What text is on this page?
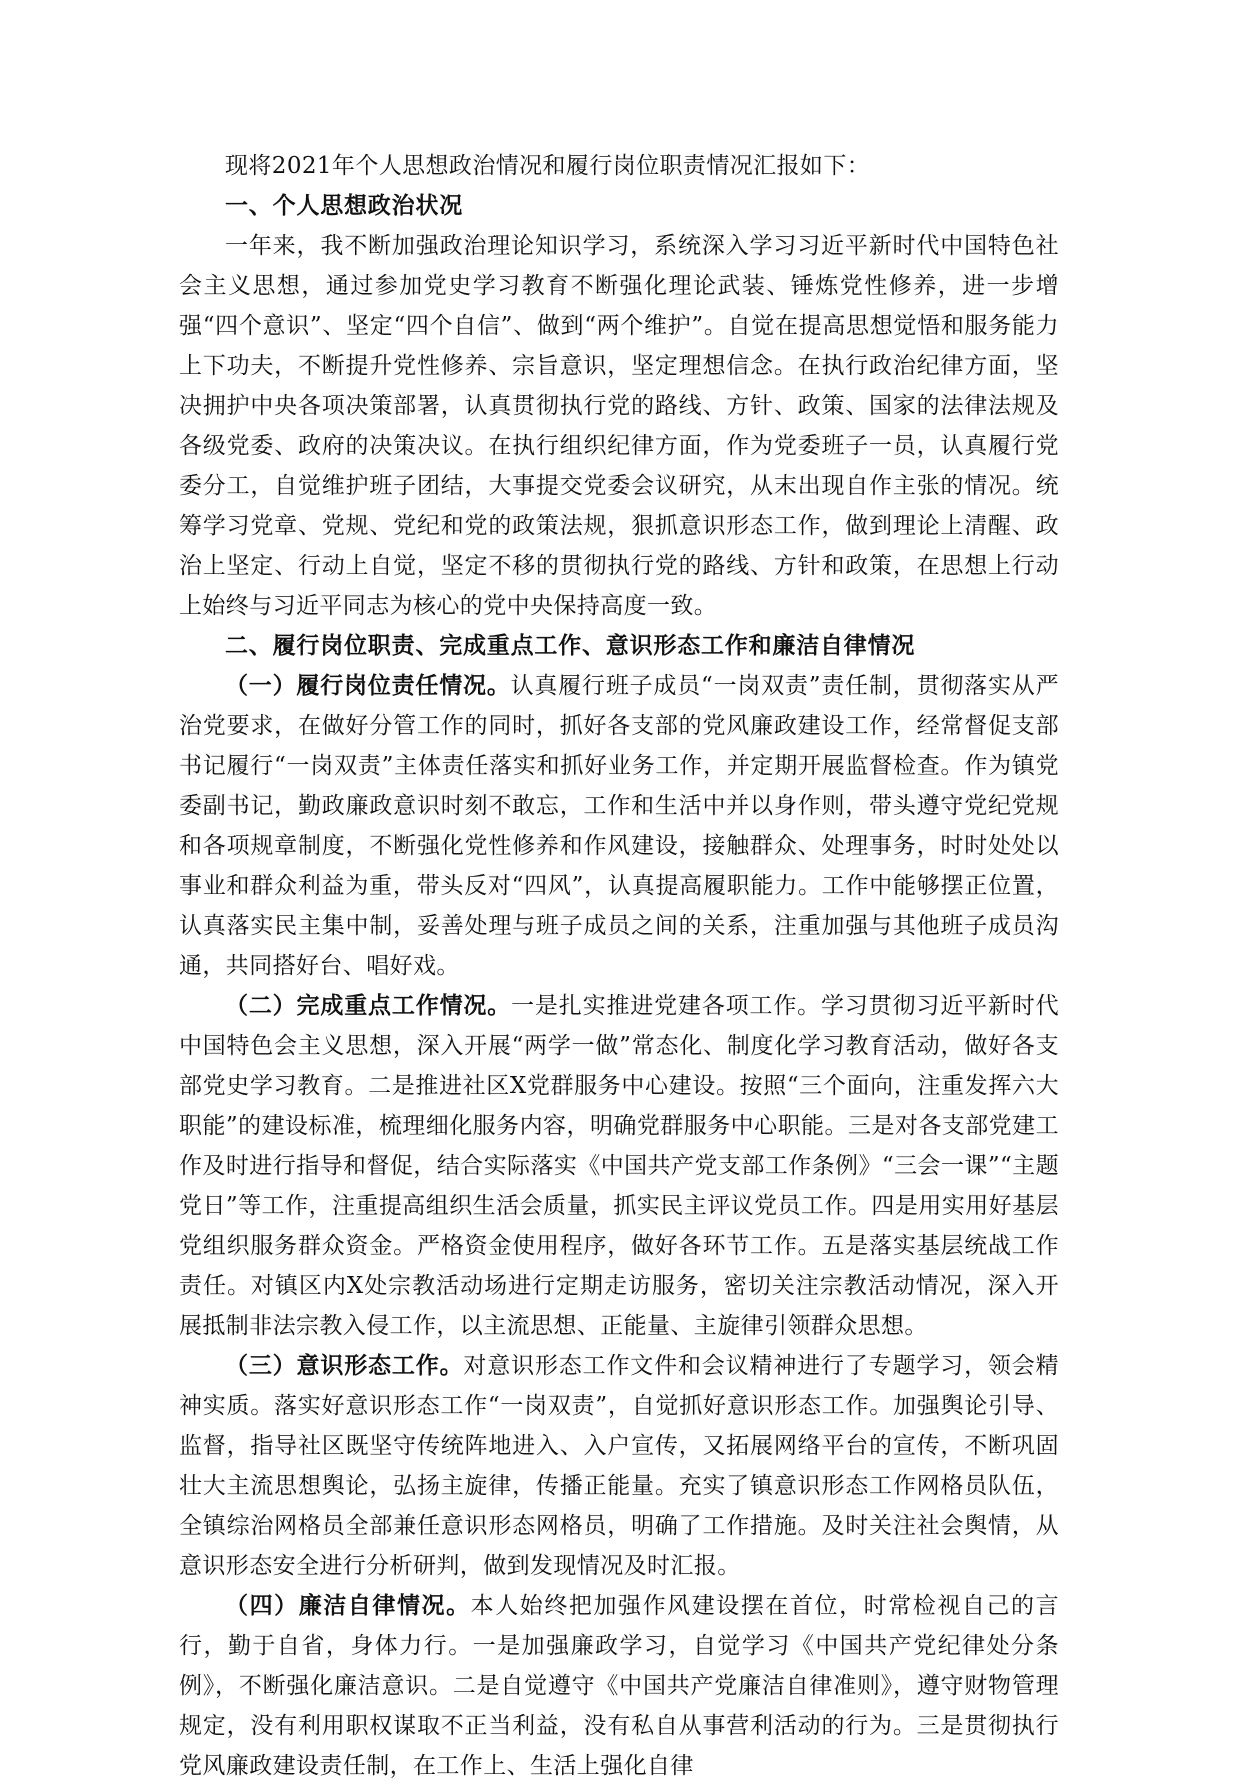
现将2021年个人思想政治情况和履行岗位职责情况汇报如下：

一、个人思想政治状况

一年来，我不断加强政治理论知识学习，系统深入学习习近平新时代中国特色社会主义思想，通过参加党史学习教育不断强化理论武装、锤炼党性修养，进一步增强“四个意识”、坚定“四个自信”、做到“两个维护”。自觉在提高思想觉悟和服务能力上下功夫，不断提升党性修养、宗旨意识，坚定理想信念。在执行政治纪律方面，坚决拥护中央各项决策部署，认真贯彻执行党的路线、方针、政策、国家的法律法规及各级党委、政府的决策决议。在执行组织纪律方面，作为党委班子一员，认真履行党委分工，自觉维护班子团结，大事提交党委会议研究，从末出现自作主张的情况。统筹学习党章、党规、党纪和党的政策法规，狠抓意识形态工作，做到理论上清醒、政治上坚定、行动上自觉，坚定不移的贯彻执行党的路线、方针和政策，在思想上行动上始终与习近平同志为核心的党中央保持高度一致。

二、履行岗位职责、完成重点工作、意识形态工作和廉洁自律情况

（一）履行岗位责任情况。认真履行班子成员“一岗双责”责任制，贯彻落实从严治党要求，在做好分管工作的同时，抓好各支部的党风廉政建设工作，经常督促支部书记履行“一岗双责”主体责任落实和抓好业务工作，并定期开展监督检查。作为镇党委副书记，勤政廉政意识时刻不敢忘，工作和生活中并以身作则，带头遵守党纪党规和各项规章制度，不断强化党性修养和作风建设，接触群众、处理事务，时时处处以事业和群众利益为重，带头反对“四风”，认真提高履职能力。工作中能够摆正位置，认真落实民主集中制，妥善处理与班子成员之间的关系，注重加强与其他班子成员沟通，共同搭好台、唱好戏。

（二）完成重点工作情况。一是扎实推进党建各项工作。学习贯彻习近平新时代中国特色会主义思想，深入开展“两学一做”常态化、制度化学习教育活动，做好各支部党史学习教育。二是推进社区X党群服务中心建设。按照“三个面向，注重发挥六大职能”的建设标准，梳理细化服务内容，明确党群服务中心职能。三是对各支部党建工作及时进行指导和督促，结合实际落实《中国共产党支部工作条例》“三会一课”“主题党日”等工作，注重提高组织生活会质量，抓实民主评议党员工作。四是用实用好基层党组织服务群众资金。严格资金使用程序，做好各环节工作。五是落实基层统战工作责任。对镇区内X处宗教活动场进行定期走访服务，密切关注宗教活动情况，深入开展抵制非法宗教入侵工作，以主流思想、正能量、主旋律引领群众思想。

（三）意识形态工作。对意识形态工作文件和会议精神进行了专题学习，领会精神实质。落实好意识形态工作“一岗双责”，自觉抓好意识形态工作。加强舆论引导、监督，指导社区既坚守传统阵地进入、入户宣传，又拓展网络平台的宣传，不断巩固壮大主流思想舆论，弘扬主旋律，传播正能量。充实了镇意识形态工作网格员队伍，全镇综治网格员全部兼任意识形态网格员，明确了工作措施。及时关注社会舆情，从意识形态安全进行分析研判，做到发现情况及时汇报。

（四）廉洁自律情况。本人始终把加强作风建设摆在首位，时常检视自己的言行，勤于自省，身体力行。一是加强廉政学习，自觉学习《中国共产党纪律处分条例》，不断强化廉洁意识。二是自觉遵守《中国共产党廉洁自律准则》，遵守财物管理规定，没有利用职权谋取不正当利益，没有私自从事营利活动的行为。三是贯彻执行党风廉政建设责任制，在工作上、生活上强化自律
